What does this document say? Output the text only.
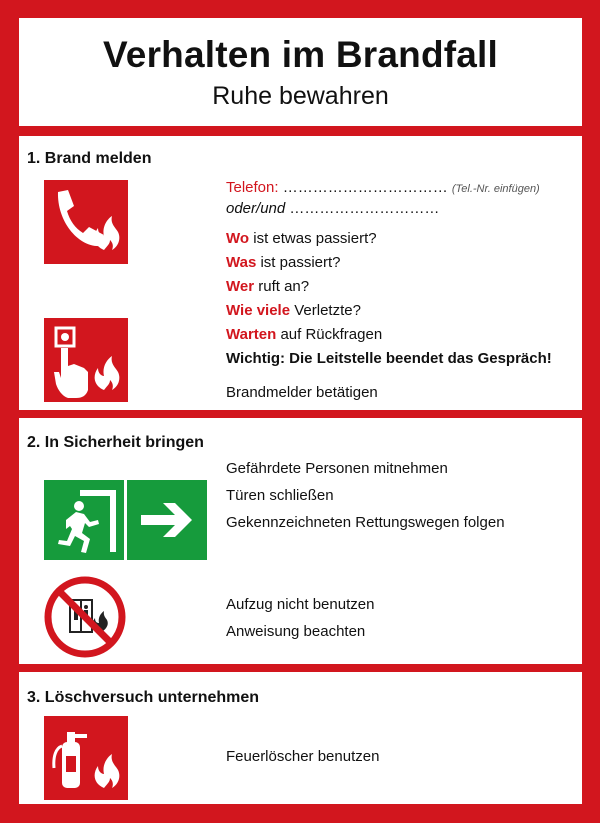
Verhalten im Brandfall
Ruhe bewahren
1. Brand melden
Telefon: …………………………… (Tel.-Nr. einfügen)
oder/und …………………………
Wo ist etwas passiert?
Was ist passiert?
Wer ruft an?
Wie viele Verletzte?
Warten auf Rückfragen
Wichtig: Die Leitstelle beendet das Gespräch!
Brandmelder betätigen
2. In Sicherheit bringen
Gefährdete Personen mitnehmen
Türen schließen
Gekennzeichneten Rettungswegen folgen
Aufzug nicht benutzen
Anweisung beachten
3. Löschversuch unternehmen
Feuerlöscher benutzen
